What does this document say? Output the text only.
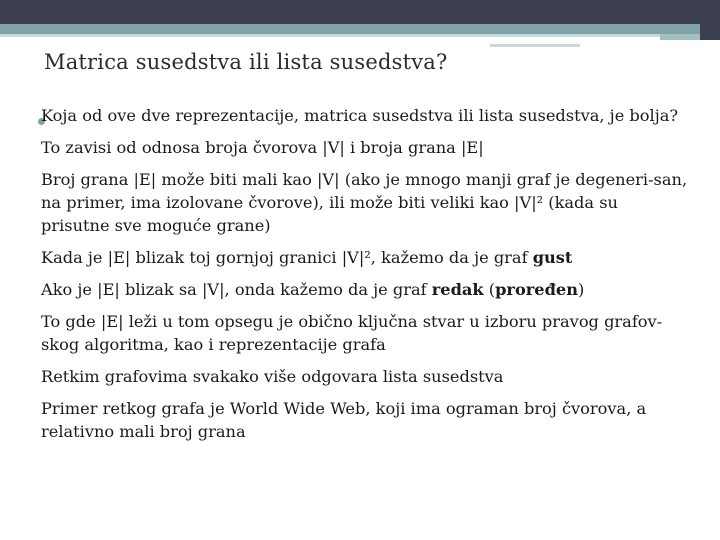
Matrica susedstva ili lista susedstva?

Koja od ove dve reprezentacije, matrica susedstva ili lista susedstva, je bolja?

To zavisi od odnosa broja čvorova |V| i broja grana |E|

Broj grana |E| može biti mali kao |V| (ako je mnogo manji graf je degeneri-san, na primer, ima izolovane čvorove), ili može biti veliki kao |V|² (kada su prisutne sve moguće grane)

Kada je |E| blizak toj gornjoj granici |V|², kažemo da je graf gust

Ako je |E| blizak sa |V|, onda kažemo da je graf redak (proređen)

To gde |E| leži u tom opsegu je obično ključna stvar u izboru pravog grafov-skog algoritma, kao i reprezentacije grafa

Retkim grafovima svakako više odgovara lista susedstva

Primer retkog grafa je World Wide Web, koji ima ograman broj čvorova, a relativno mali broj grana
